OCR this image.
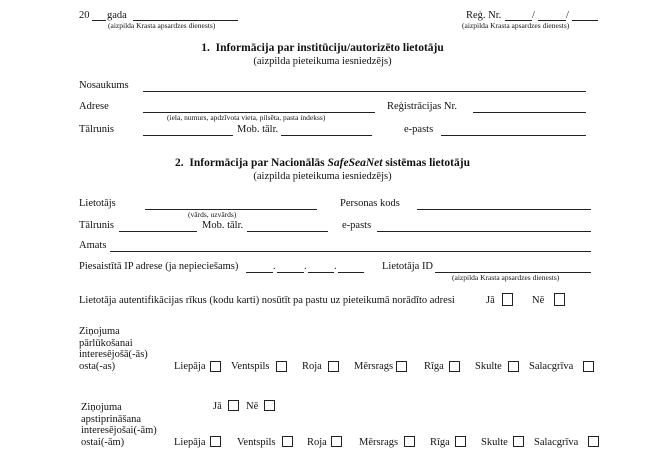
20 gada
(aizpilda Krasta apsardzes dienests)
Reģ. Nr.	/	/
(aizpilda Krasta apsardzes dienests)
1. Informācija par institūciju/autorizēto lietotāju
(aizpilda pieteikuma iesniedzējs)
Nosaukums
Adrese
(iela, numurs, apdzīvota vieta, pilsēta, pasta indekss)
Reģistrācijas Nr.
Tālrunis	Mob. tālr.	e-pasts
2. Informācija par Nacionālās SafeSeaNet sistēmas lietotāju
(aizpilda pieteikuma iesniedzējs)
Lietotājs
(vārds, uzvārds)
Personas kods
Tālrunis	Mob. tālr.	e-pasts
Amats
Piesaistītā IP adrese (ja nepieciešams)	.	.	.	Lietotāja ID
(aizpilda Krasta apsardzes dienests)
Lietotāja autentifikācijas rīkus (kodu karti) nosūtīt pa pastu uz pieteikumā norādīto adresi	Jā	Nē
Ziņojuma
pārlūkošanai
interesējošā(-ās)
osta(-as)	Liepāja Ventspils	Roja	Mērsrags	Rīga	Skulte	Salacgrīva
Ziņojuma
apstiprināšana
interesējošai(-ām)
ostai(-ām)
Jā Nē
Liepāja	Ventspils	Roja	Mērsrags	Rīga	Skulte Salacgrīva
